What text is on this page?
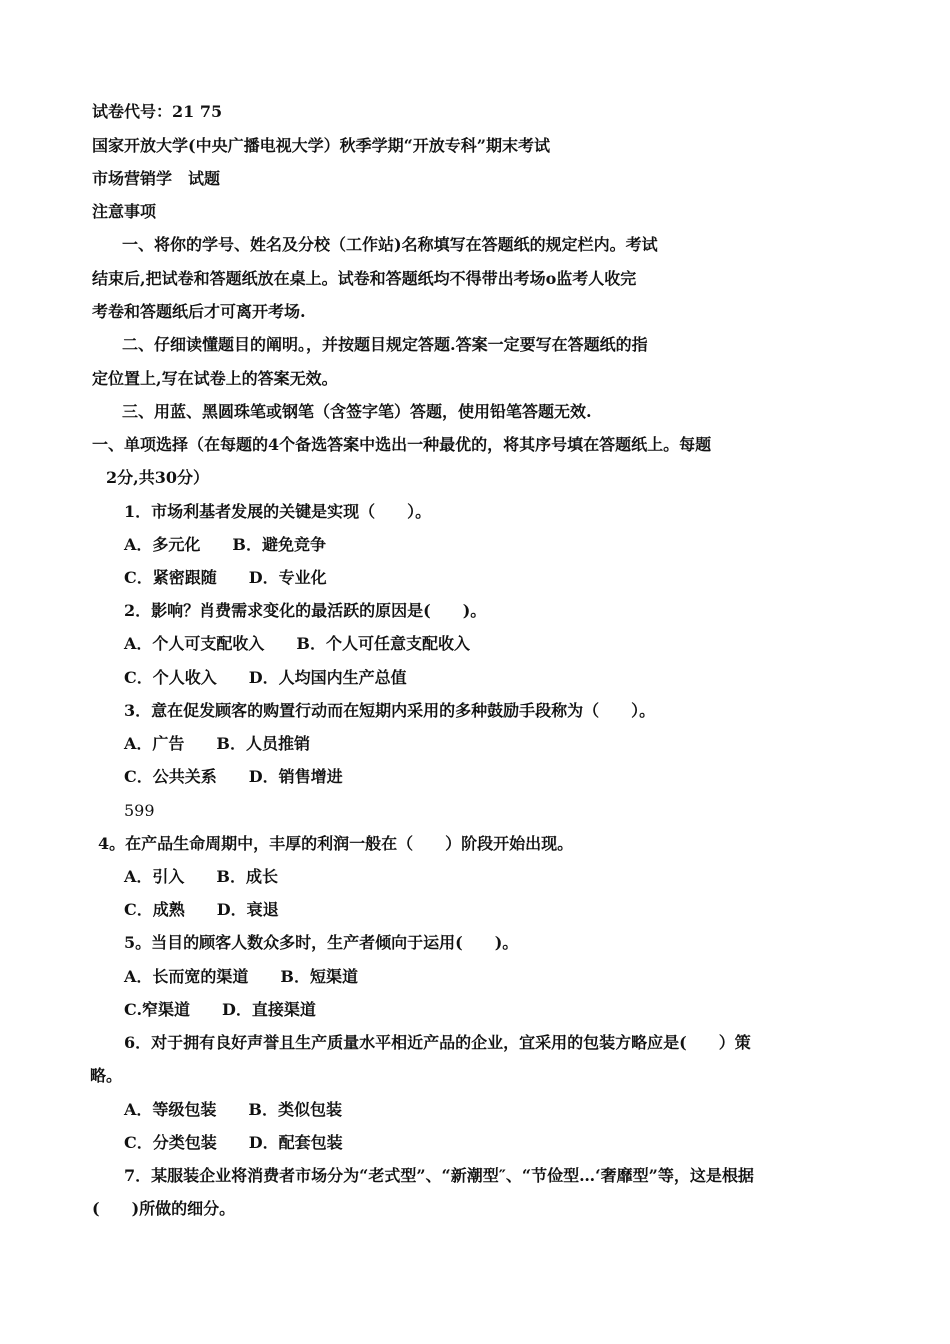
试卷代号：21 75
国家开放大学(中央广播电视大学）秋季学期“开放专科”期末考试
市场营销学　试题
注意事项
一、将你的学号、姓名及分校（工作站)名称填写在答题纸的规定栏内。考试
结束后,把试卷和答题纸放在桌上。试卷和答题纸均不得带出考场o监考人收完
考卷和答题纸后才可离开考场.
二、仔细读懂题目的阐明。，并按题目规定答题.答案一定要写在答题纸的指
定位置上,写在试卷上的答案无效。
三、用蓝、黑圆珠笔或钢笔（含签字笔）答题，使用铅笔答题无效.
一、单项选择（在每题的4个备选答案中选出一种最优的，将其序号填在答题纸上。每题
2分,共30分）
1．市场利基者发展的关键是实现（　　）。
A．多元化　　B．避免竞争
C．紧密跟随　　D．专业化
2．影响？肖费需求变化的最活跃的原因是(　　)。
A．个人可支配收入　　B．个人可任意支配收入
C．个人收入　　D．人均国内生产总值
3．意在促发顾客的购置行动而在短期内采用的多种鼓励手段称为（　　）。
A．广告　　B．人员推销
C．公共关系　　D．销售增进
599
4。在产品生命周期中，丰厚的利润一般在（　　）阶段开始出现。
A．引入　　B．成长
C．成熟　　D．衰退
5。当目的顾客人数众多时，生产者倾向于运用(　　)。
A．长而宽的渠道　　B．短渠道
C.窄渠道　　D．直接渠道
6．对于拥有良好声誉且生产质量水平相近产品的企业，宜采用的包装方略应是(　　）策
略。
A．等级包装　　B．类似包装
C．分类包装　　D．配套包装
7．某服装企业将消费者市场分为“老式型”、“新潮型″、“节俭型…‘奢靡型”等，这是根据
(　　)所做的细分。
